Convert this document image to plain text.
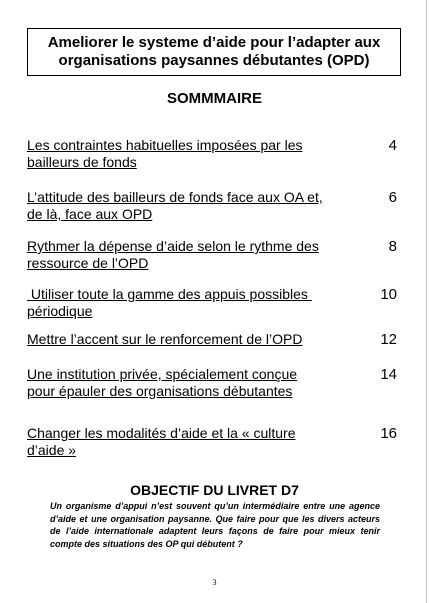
Ameliorer le systeme d’aide pour l’adapter aux organisations paysannes débutantes (OPD)
SOMMMAIRE
Les contraintes habituelles imposées par les bailleurs de fonds
4
L’attitude des bailleurs de fonds face aux OA et, de là, face aux OPD
6
Rythmer la dépense d’aide selon le rythme des ressource de l’OPD
8
Utiliser toute la gamme des appuis possibles périodique
10
Mettre l’accent sur le renforcement de l’OPD	12
Une institution privée, spécialement conçue pour épauler des organisations débutantes
14
Changer les modalités d’aide et la « culture d’aide »
16
OBJECTIF DU LIVRET D7
Un organisme d’appui n’est souvent qu’un intermédiaire entre une agence d’aide et une organisation paysanne. Que faire pour que les divers acteurs de l’aide internationale adaptent leurs façons de faire pour mieux tenir compte des situations des OP qui débutent ?
3
